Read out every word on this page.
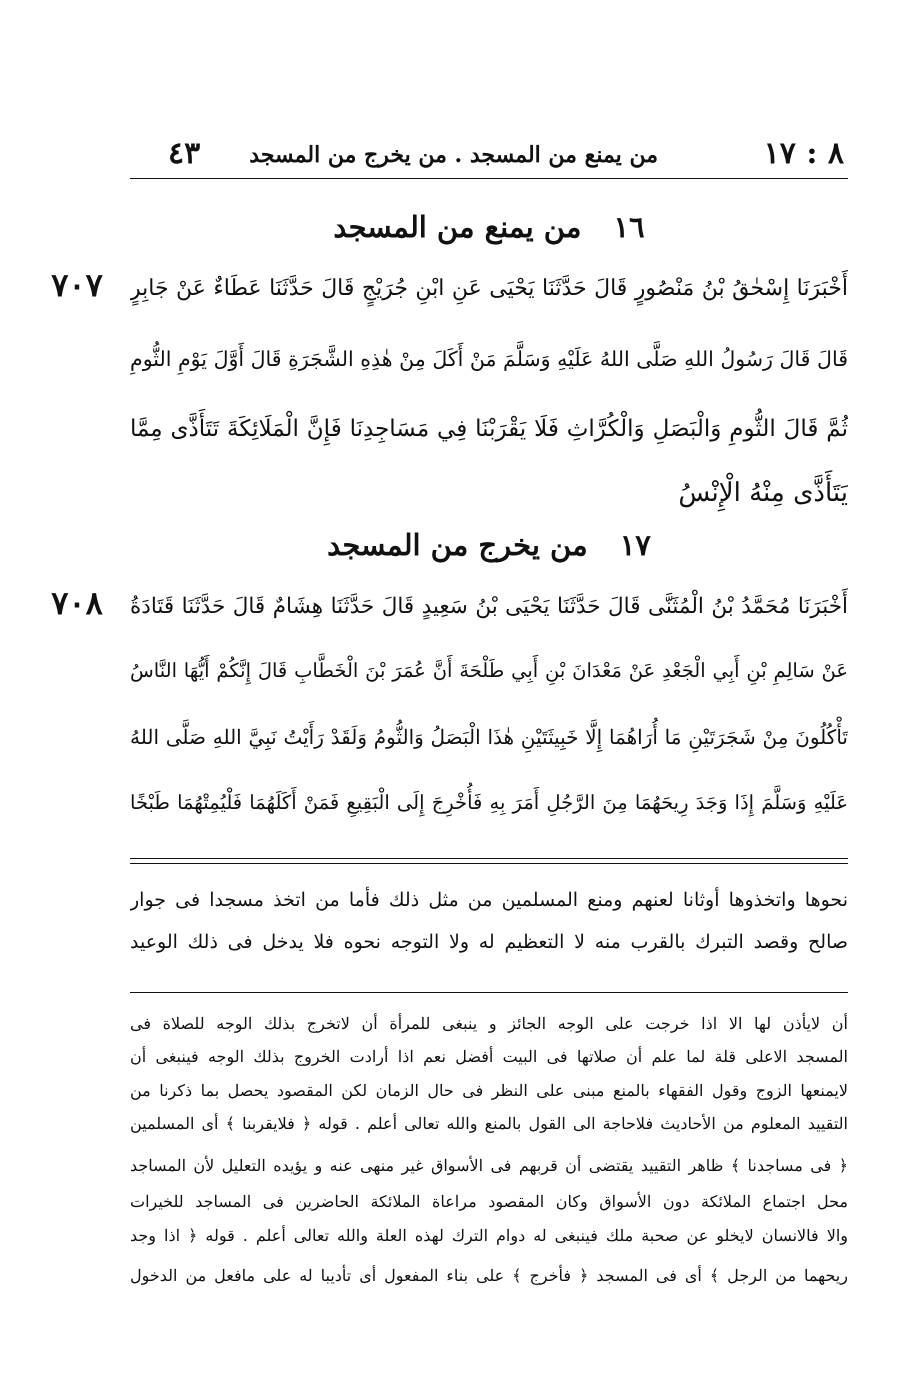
٨ : ١٧
من يمنع من المسجد . من يخرج من المسجد
٤٣
١٦ من يمنع من المسجد
٧٠٧	أَخْبَرَنَا إِسْحٰقُ بْنُ مَنْصُورٍ قَالَ حَدَّثَنَا يَحْيَى عَنِ ابْنِ جُرَيْجٍ قَالَ حَدَّثَنَا عَطَاءٌ عَنْ جَابِرٍ
قَالَ قَالَ رَسُولُ اللهِ صَلَّى اللهُ عَلَيْهِ وَسَلَّمَ مَنْ أَكَلَ مِنْ هٰذِهِ الشَّجَرَةِ قَالَ أَوَّلَ يَوْمِ الثُّومِ
ثُمَّ قَالَ الثُّومِ وَالْبَصَلِ وَالْكُرَّاثِ فَلَا يَقْرَبْنَا فِي مَسَاجِدِنَا فَإِنَّ الْمَلَائِكَةَ تَتَأَذَّى مِمَّا
يَتَأَذَّى مِنْهُ الْإِنْسُ
١٧ من يخرج من المسجد
٧٠٨	أَخْبَرَنَا مُحَمَّدُ بْنُ الْمُثَنَّى قَالَ حَدَّثَنَا يَحْيَى بْنُ سَعِيدٍ قَالَ حَدَّثَنَا هِشَامٌ قَالَ حَدَّثَنَا قَتَادَةُ
عَنْ سَالِمِ بْنِ أَبِي الْجَعْدِ عَنْ مَعْدَانَ بْنِ أَبِي طَلْحَةَ أَنَّ عُمَرَ بْنَ الْخَطَّابِ قَالَ إِنَّكُمْ أَيُّهَا النَّاسُ
تَأْكُلُونَ مِنْ شَجَرَتَيْنِ مَا أُرَاهُمَا إِلَّا خَبِيثَتَيْنِ هٰذَا الْبَصَلُ وَالثُّومُ وَلَقَدْ رَأَيْتُ نَبِيَّ اللهِ صَلَّى اللهُ
عَلَيْهِ وَسَلَّمَ إِذَا وَجَدَ رِيحَهُمَا مِنَ الرَّجُلِ أَمَرَ بِهِ فَأُخْرِجَ إِلَى الْبَقِيعِ فَمَنْ أَكَلَهُمَا فَلْيُمِتْهُمَا طَبْخًا
نحوها واتخذوها أوثانا لعنهم ومنع المسلمين من مثل ذلك فأما من اتخذ مسجدا فى جوار
صالح وقصد التبرك بالقرب منه لا التعظيم له ولا التوجه نحوه فلا يدخل فى ذلك الوعيد
أن لايأذن لها الا اذا خرجت على الوجه الجائز و ينبغى للمرأة أن لاتخرج بذلك الوجه للصلاة فى
المسجد الاعلى قلة لما علم أن صلاتها فى البيت أفضل نعم اذا أرادت الخروج بذلك الوجه فينبغى أن
لايمنعها الزوج وقول الفقهاء بالمنع مبنى على النظر فى حال الزمان لكن المقصود يحصل بما ذكرنا من
التقييد المعلوم من الأحاديث فلاحاجة الى القول بالمنع والله تعالى أعلم . قوله ﴿ فلايقربنا ﴾ أى المسلمين
﴿ فى مساجدنا ﴾ ظاهر التقييد يقتضى أن قربهم فى الأسواق غير منهى عنه و يؤيده التعليل لأن المساجد
محل اجتماع الملائكة دون الأسواق وكان المقصود مراعاة الملائكة الحاضرين فى المساجد للخيرات
والا فالانسان لايخلو عن صحبة ملك فينبغى له دوام الترك لهذه العلة والله تعالى أعلم . قوله ﴿ اذا وجد
ريحهما من الرجل ﴾ أى فى المسجد ﴿ فأخرج ﴾ على بناء المفعول أى تأديبا له على مافعل من الدخول
